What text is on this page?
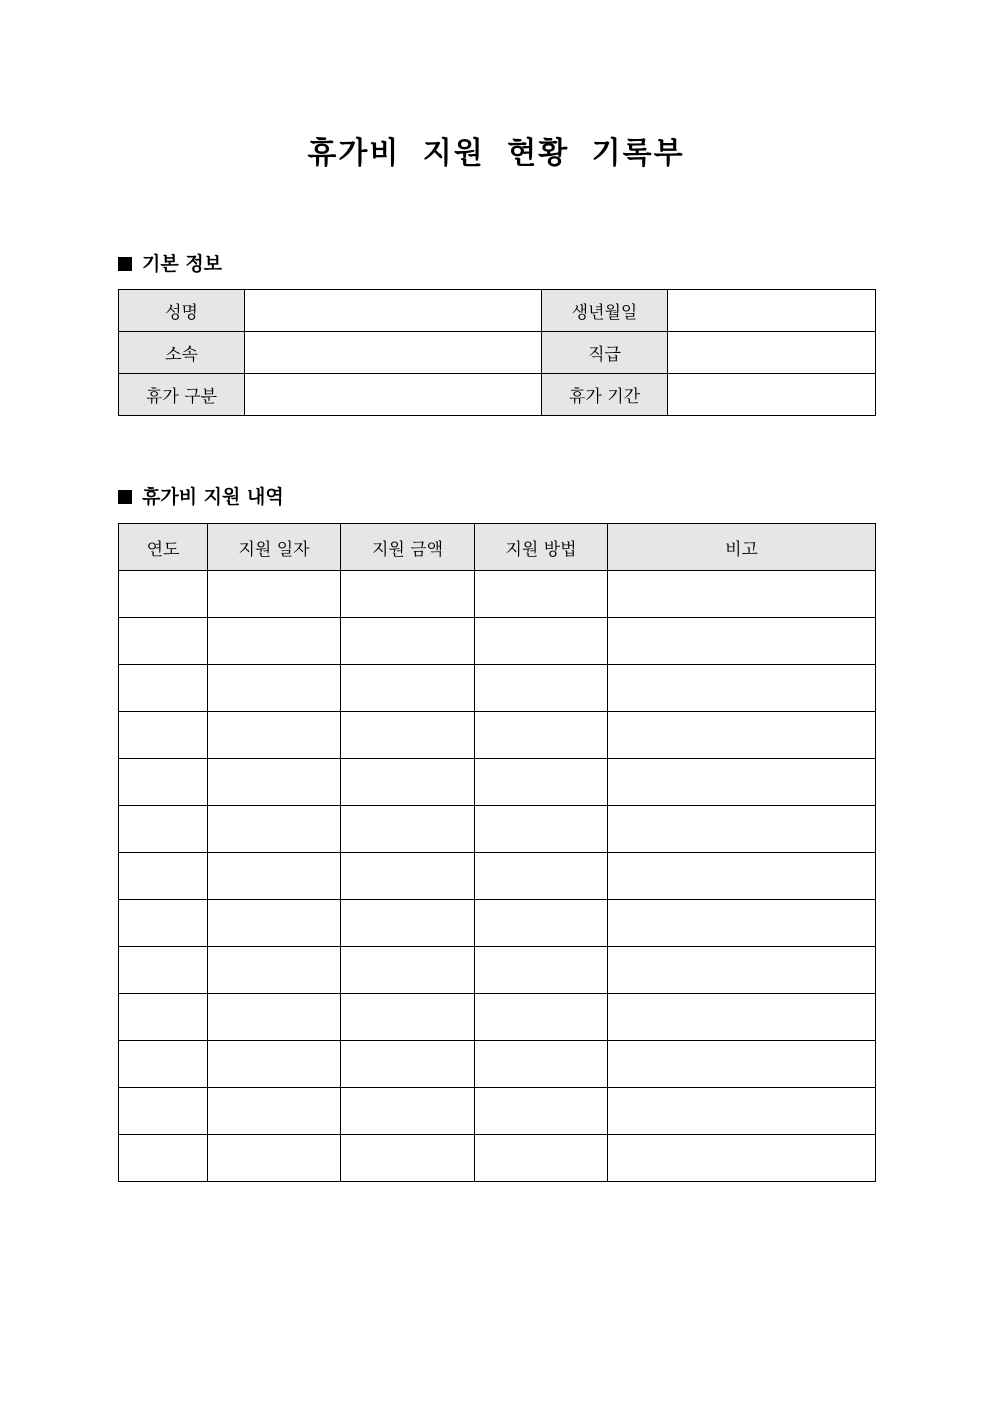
휴가비 지원 현황 기록부
기본 정보
성명		생년월일	
소속		직급	
휴가 구분		휴가 기간	
휴가비 지원 내역
연도	지원 일자	지원 금액	지원 방법	비고
